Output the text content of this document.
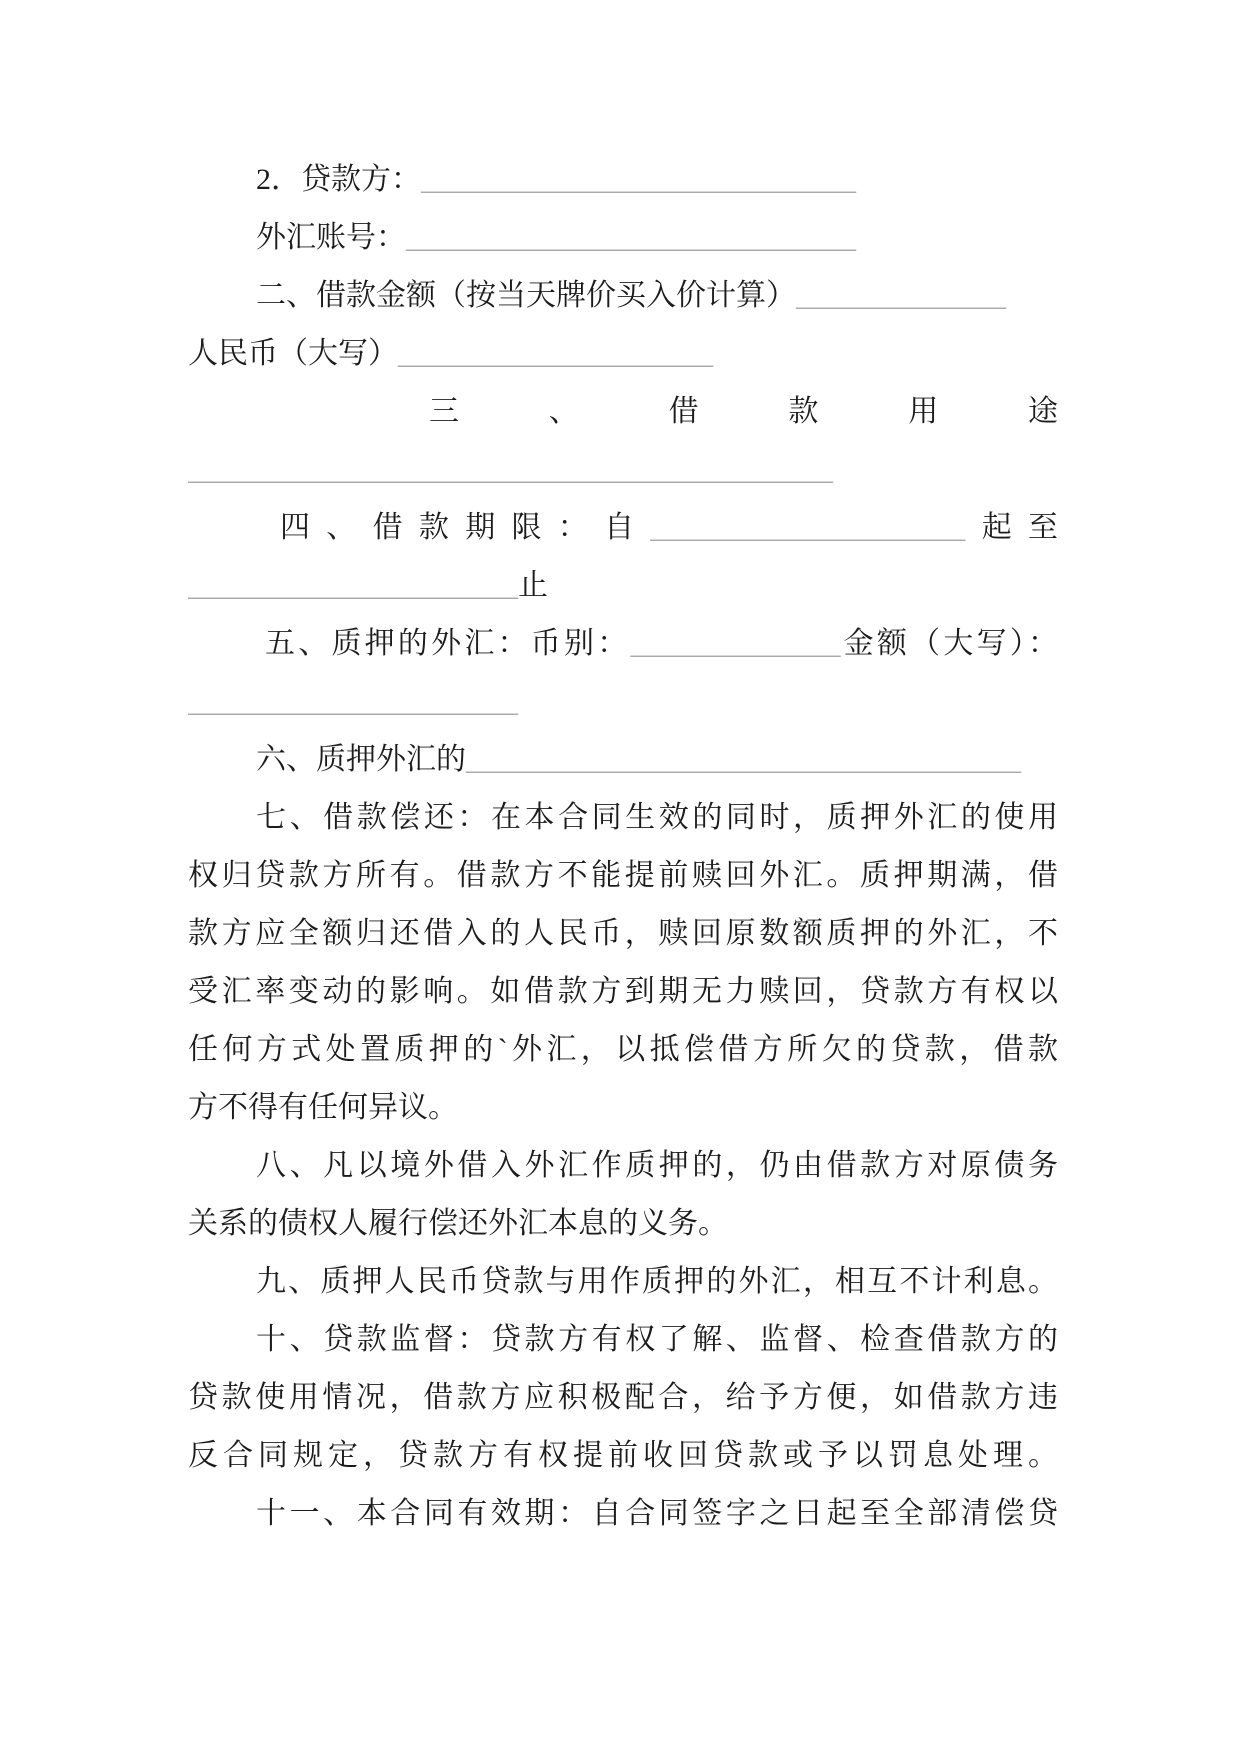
2．贷款方：_____________________________

外汇账号：______________________________

二、借款金额（按当天牌价买入价计算）______________

人民币（大写）_____________________

三、借款用途

___________________________________________

四、借款期限：自_____________________起至

______________________止

五、质押的外汇：币别：______________金额（大写）：

______________________

六、质押外汇的_____________________________________

七、借款偿还：在本合同生效的同时，质押外汇的使用

权归贷款方所有。借款方不能提前赎回外汇。质押期满，借

款方应全额归还借入的人民币，赎回原数额质押的外汇，不

受汇率变动的影响。如借款方到期无力赎回，贷款方有权以

任何方式处置质押的`外汇，以抵偿借方所欠的贷款，借款

方不得有任何异议。

八、凡以境外借入外汇作质押的，仍由借款方对原债务

关系的债权人履行偿还外汇本息的义务。

九、质押人民币贷款与用作质押的外汇，相互不计利息。

十、贷款监督：贷款方有权了解、监督、检查借款方的

贷款使用情况，借款方应积极配合，给予方便，如借款方违

反合同规定，贷款方有权提前收回贷款或予以罚息处理。

十一、本合同有效期：自合同签字之日起至全部清偿贷
